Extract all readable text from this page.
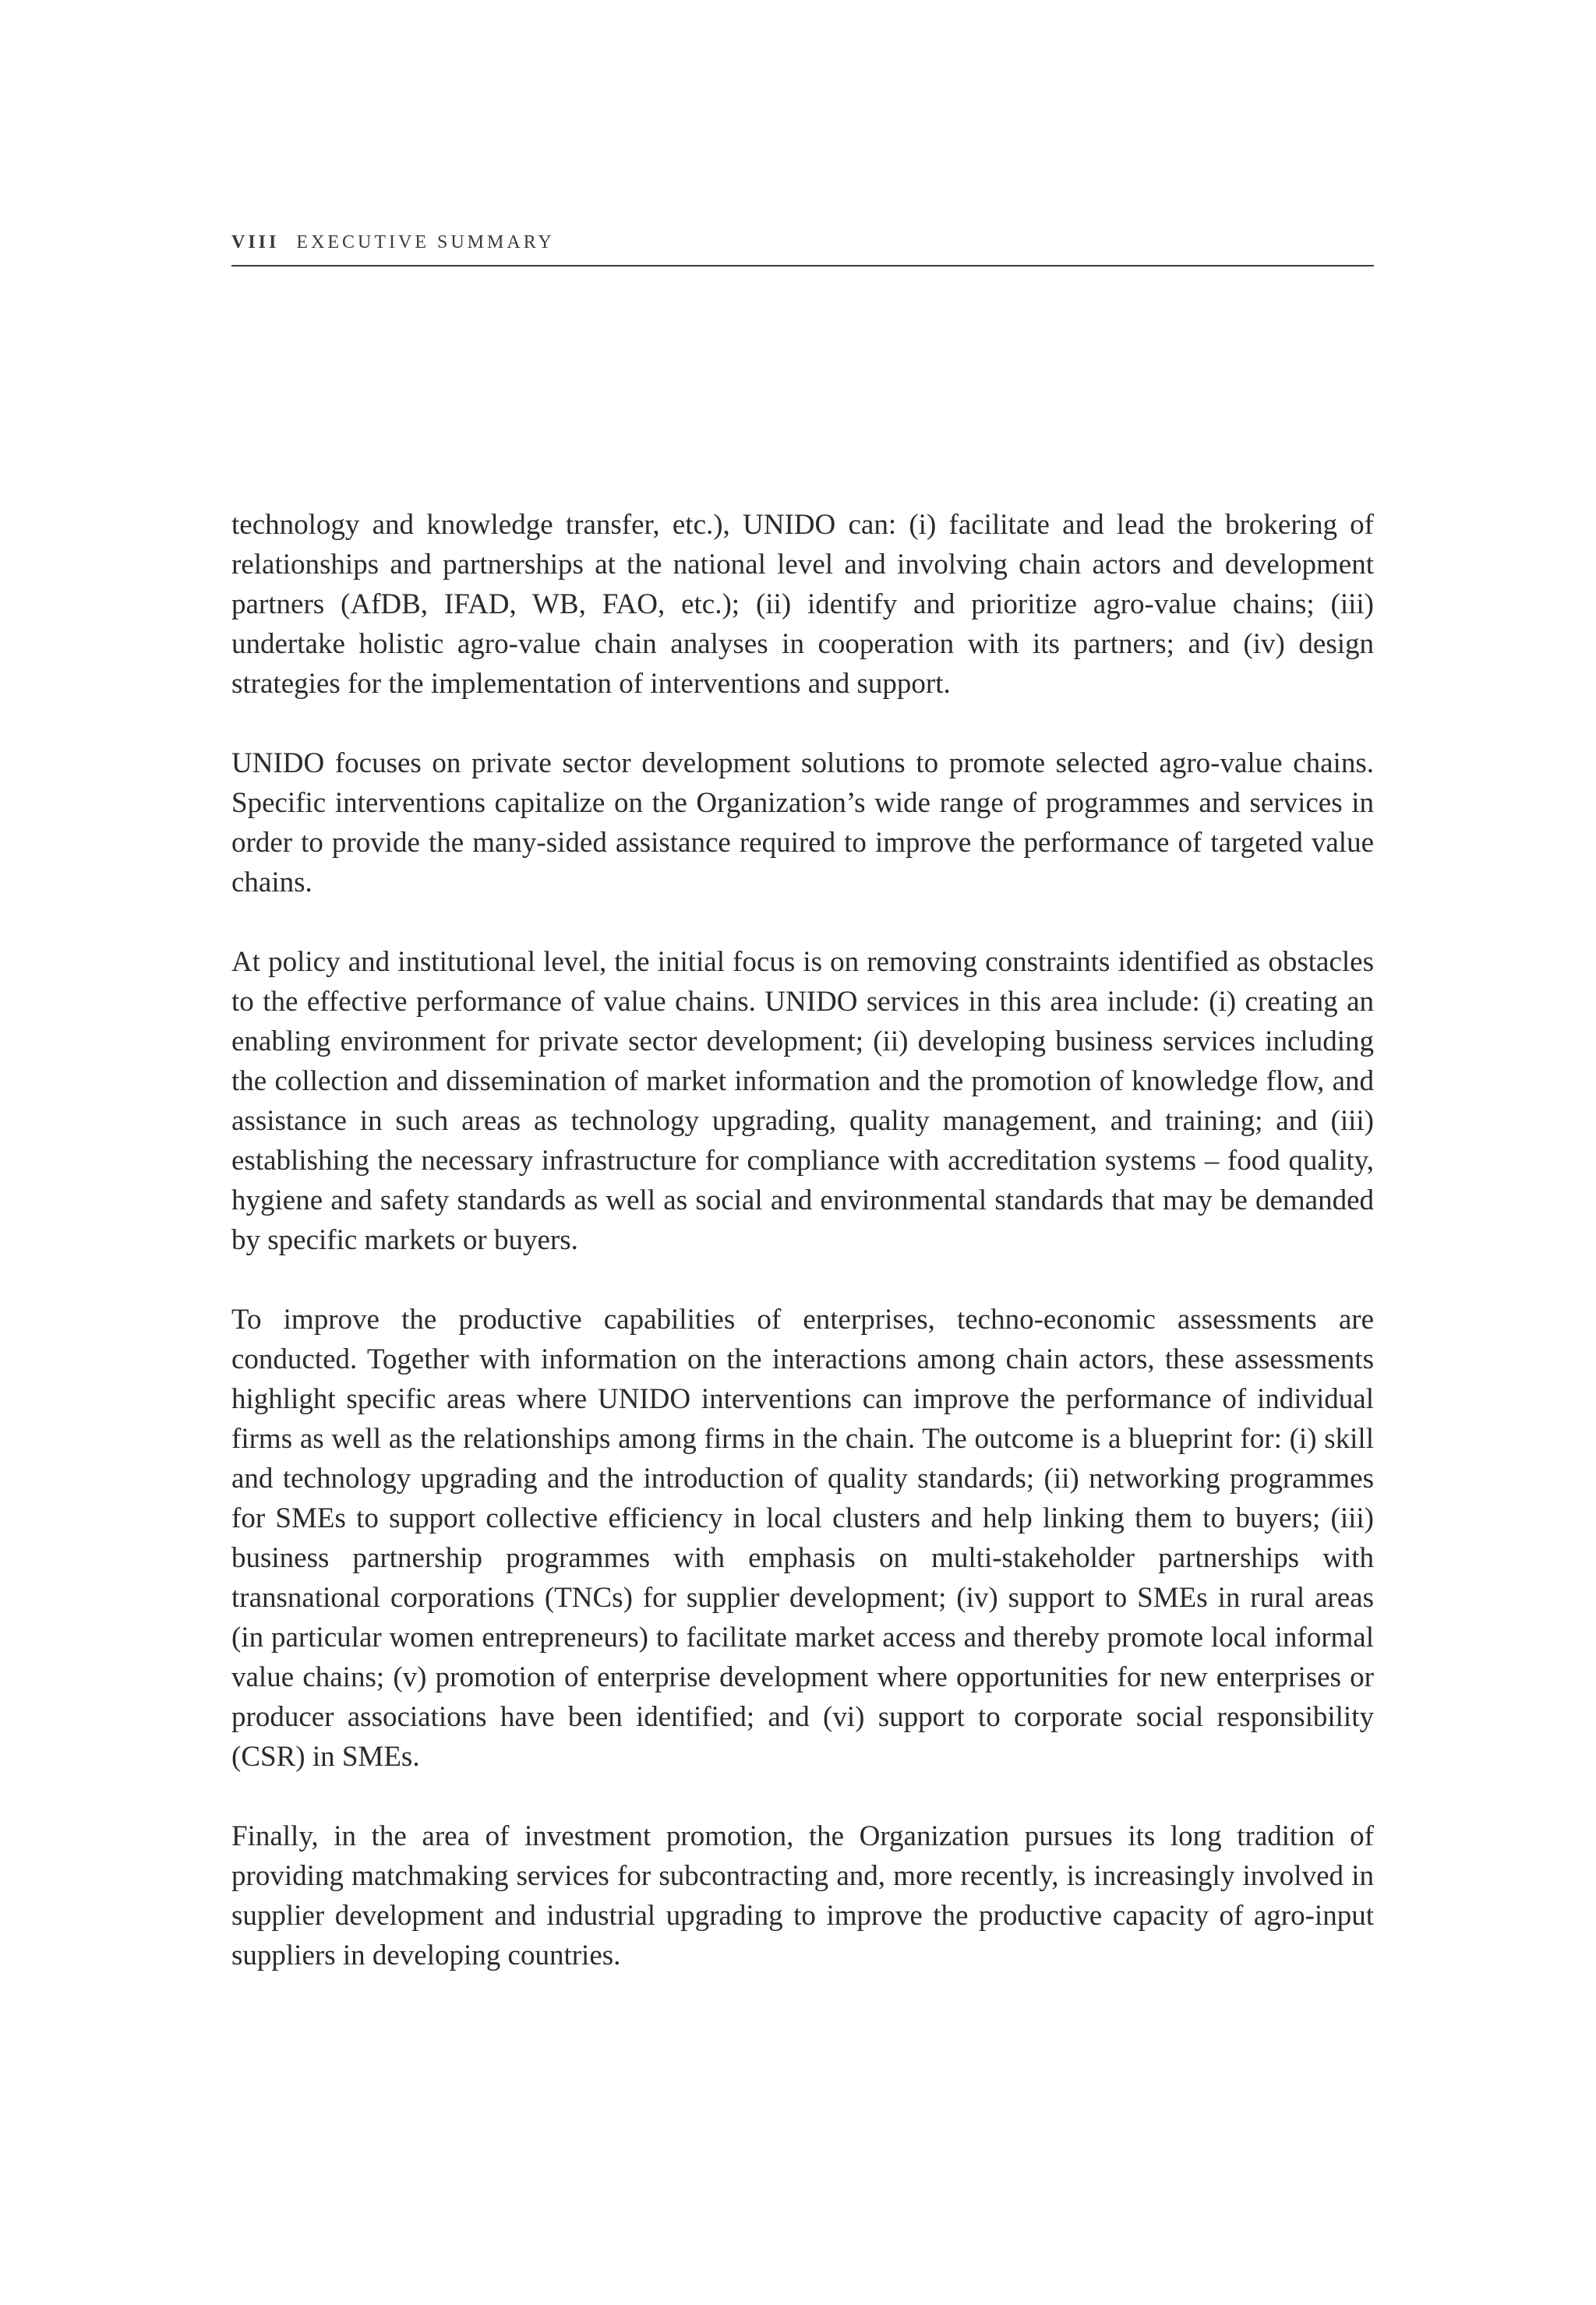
VIII EXECUTIVE SUMMARY

technology and knowledge transfer, etc.), UNIDO can: (i) facilitate and lead the brokering of relationships and partnerships at the national level and involving chain actors and development partners (AfDB, IFAD, WB, FAO, etc.); (ii) identify and prioritize agro-value chains; (iii) undertake holistic agro-value chain analyses in cooperation with its partners; and (iv) design strategies for the implementation of interventions and support.

UNIDO focuses on private sector development solutions to promote selected agro-value chains. Specific interventions capitalize on the Organization’s wide range of programmes and services in order to provide the many-sided assistance required to improve the performance of targeted value chains.

At policy and institutional level, the initial focus is on removing constraints identified as obstacles to the effective performance of value chains. UNIDO services in this area include: (i) creating an enabling environment for private sector development; (ii) developing business services including the collection and dissemination of market information and the promotion of knowledge flow, and assistance in such areas as technology upgrading, quality management, and training; and (iii) establishing the necessary infrastructure for compliance with accreditation systems – food quality, hygiene and safety standards as well as social and environmental standards that may be demanded by specific markets or buyers.

To improve the productive capabilities of enterprises, techno-economic assessments are conducted. Together with information on the interactions among chain actors, these assessments highlight specific areas where UNIDO interventions can improve the performance of individual firms as well as the relationships among firms in the chain. The outcome is a blueprint for: (i) skill and technology upgrading and the introduction of quality standards; (ii) networking programmes for SMEs to support collective efficiency in local clusters and help linking them to buyers; (iii) business partnership programmes with emphasis on multi-stakeholder partnerships with transnational corporations (TNCs) for supplier development; (iv) support to SMEs in rural areas (in particular women entrepreneurs) to facilitate market access and thereby promote local informal value chains; (v) promotion of enterprise development where opportunities for new enterprises or producer associations have been identified; and (vi) support to corporate social responsibility (CSR) in SMEs.

Finally, in the area of investment promotion, the Organization pursues its long tradition of providing matchmaking services for subcontracting and, more recently, is increasingly involved in supplier development and industrial upgrading to improve the productive capacity of agro-input suppliers in developing countries.
